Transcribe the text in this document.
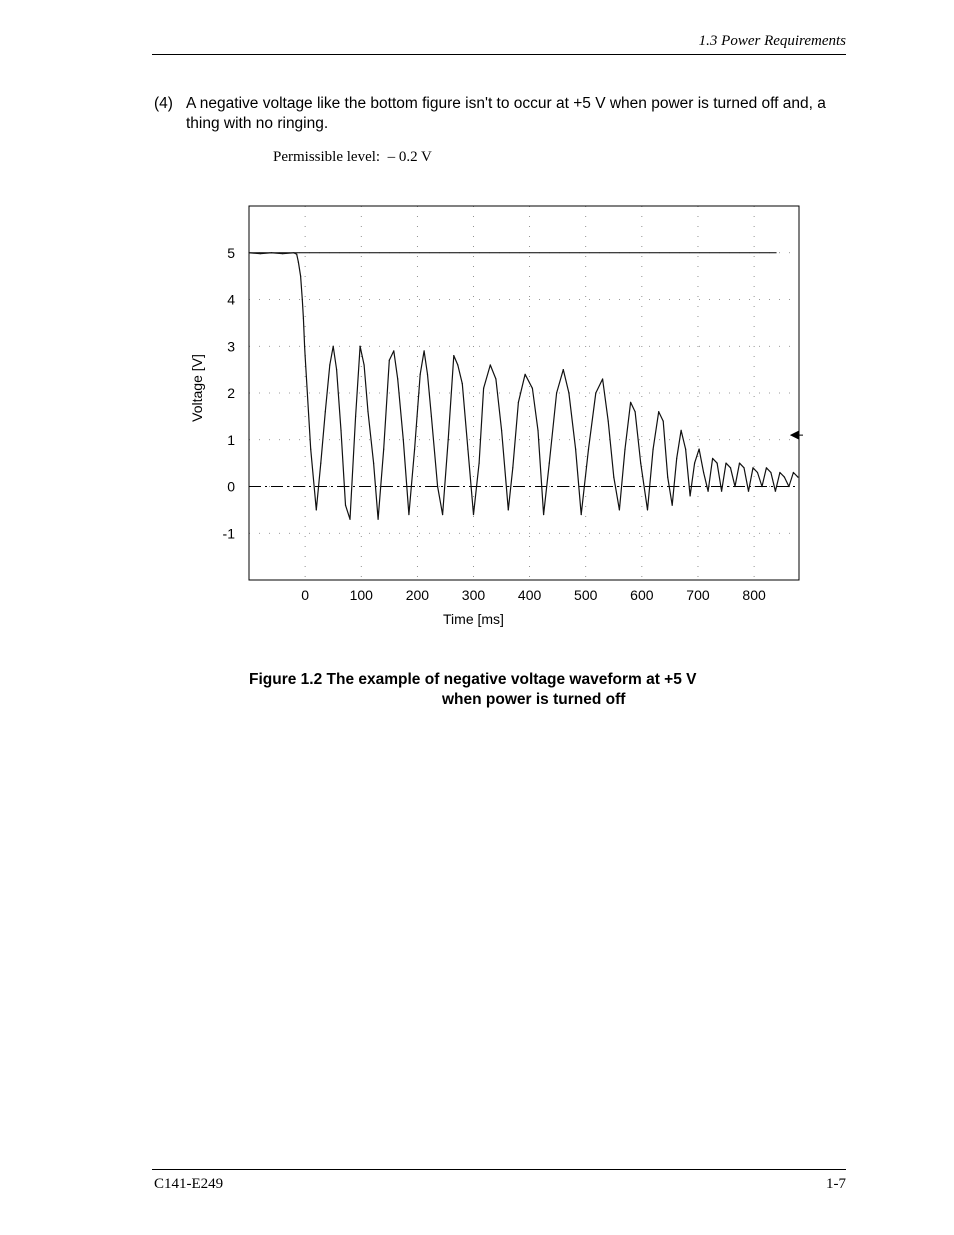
1.3 Power Requirements
(4) A negative voltage like the bottom figure isn't to occur at +5 V when power is turned off and, a thing with no ringing.
Permissible level:  – 0.2 V
5
4
3
2
1
0
-1
0	100 200 300 400 500 600 700 800
Voltage [V]
Time [ms]
Figure 1.2 The example of negative voltage waveform at +5 V
when power is turned off
C141-E249	1-7
